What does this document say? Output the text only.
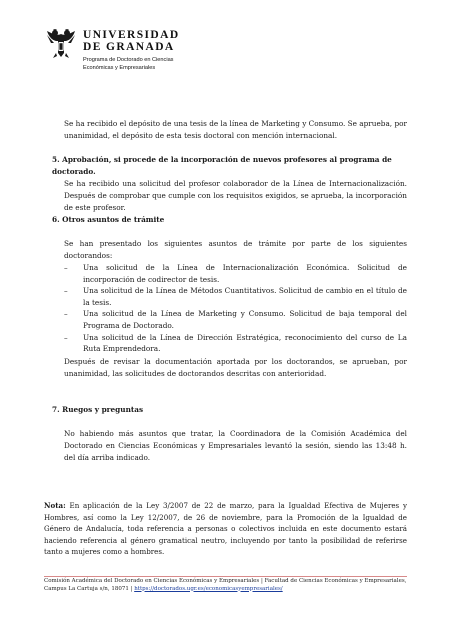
UNIVERSIDAD
DE GRANADA
Programa de Doctorado en Ciencias
Económicas y Empresariales
Se ha recibido el depósito de una tesis de la línea de Marketing y Consumo. Se aprueba, por unanimidad, el depósito de esta tesis doctoral con mención internacional.
5. Aprobación, si procede de la incorporación de nuevos profesores al programa de doctorado.
Se ha recibido una solicitud del profesor colaborador de la Línea de Internacionalización. Después de comprobar que cumple con los requisitos exigidos, se aprueba, la incorporación de este profesor.
6. Otros asuntos de trámite
Se han presentado los siguientes asuntos de trámite por parte de los siguientes doctorandos:
– Una solicitud de la Línea de Internacionalización Económica. Solicitud de incorporación de codirector de tesis.
– Una solicitud de la Línea de Métodos Cuantitativos. Solicitud de cambio en el título de la tesis.
– Una solicitud de la Línea de Marketing y Consumo. Solicitud de baja temporal del Programa de Doctorado.
– Una solicitud de la Línea de Dirección Estratégica, reconocimiento del curso de La Ruta Emprendedora.
Después de revisar la documentación aportada por los doctorandos, se aprueban, por unanimidad, las solicitudes de doctorandos descritas con anterioridad.
7. Ruegos y preguntas
No habiendo más asuntos que tratar, la Coordinadora de la Comisión Académica del Doctorado en Ciencias Económicas y Empresariales levantó la sesión, siendo las 13:48 h. del día arriba indicado.
Nota: En aplicación de la Ley 3/2007 de 22 de marzo, para la Igualdad Efectiva de Mujeres y Hombres, así como la Ley 12/2007, de 26 de noviembre, para la Promoción de la Igualdad de Género de Andalucía, toda referencia a personas o colectivos incluida en este documento estará haciendo referencia al género gramatical neutro, incluyendo por tanto la posibilidad de referirse tanto a mujeres como a hombres.
Comisión Académica del Doctorado en Ciencias Económicas y Empresariales | Facultad de Ciencias Económicas y Empresariales,
Campus La Cartuja s/n, 18071 | https://doctorados.ugr.es/economicasyempresariales/
